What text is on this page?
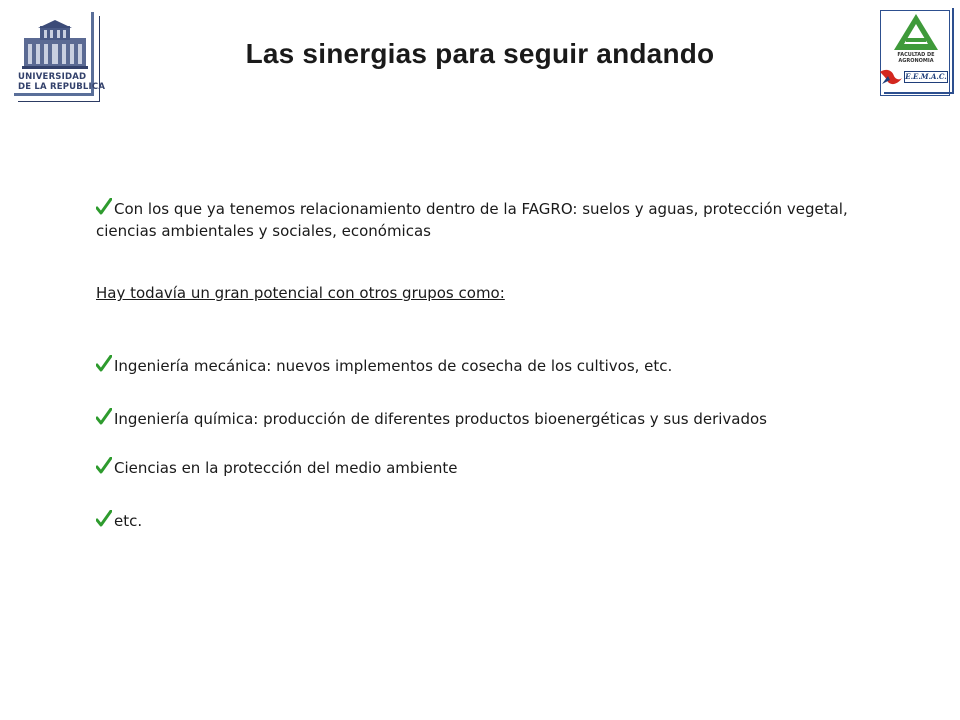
UNIVERSIDAD
DE LA REPUBLICA
Las sinergias para seguir andando	FACULTAD DE
AGRONOMIA
E.E.M.A.C.
Con los que ya tenemos relacionamiento dentro de la FAGRO: suelos y aguas, protección vegetal, ciencias ambientales y sociales, económicas
Hay todavía un gran potencial con otros grupos como:
Ingeniería mecánica: nuevos implementos de cosecha de los cultivos, etc.
Ingeniería química: producción de diferentes productos bioenergéticas y sus derivados
Ciencias en la protección del medio ambiente
etc.
